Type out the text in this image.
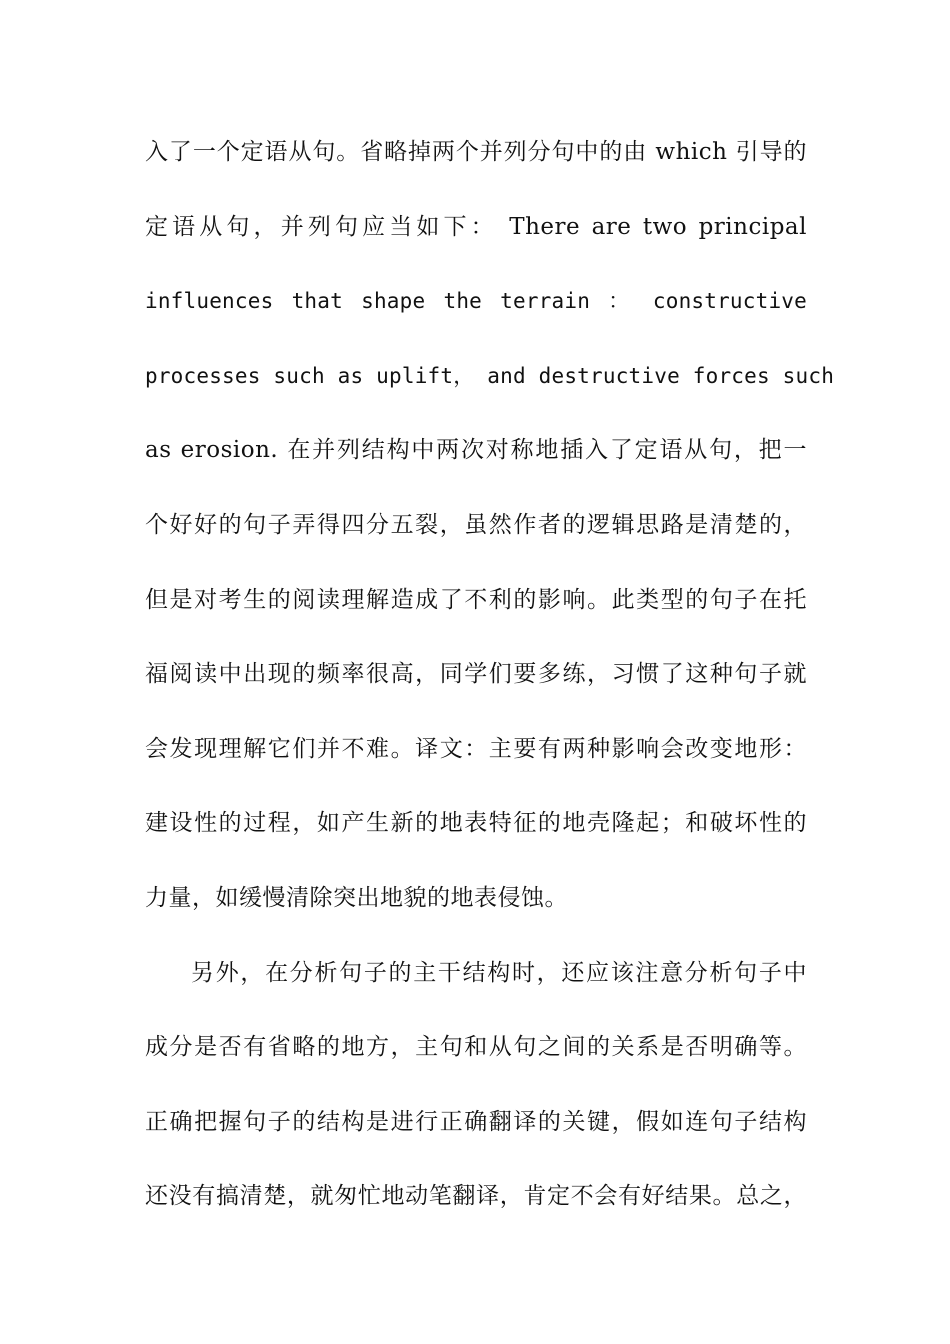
入了一个定语从句。省略掉两个并列分句中的由 which 引导的
定语从句，并列句应当如下： There are two principal
influences that shape the terrain ： constructive
processes such as uplift， and destructive forces such
as erosion. 在并列结构中两次对称地插入了定语从句，把一
个好好的句子弄得四分五裂，虽然作者的逻辑思路是清楚的，
但是对考生的阅读理解造成了不利的影响。此类型的句子在托
福阅读中出现的频率很高，同学们要多练，习惯了这种句子就
会发现理解它们并不难。译文：主要有两种影响会改变地形：
建设性的过程，如产生新的地表特征的地壳隆起；和破坏性的
力量，如缓慢清除突出地貌的地表侵蚀。
另外，在分析句子的主干结构时，还应该注意分析句子中
成分是否有省略的地方，主句和从句之间的关系是否明确等。
正确把握句子的结构是进行正确翻译的关键，假如连句子结构
还没有搞清楚，就匆忙地动笔翻译，肯定不会有好结果。总之，
